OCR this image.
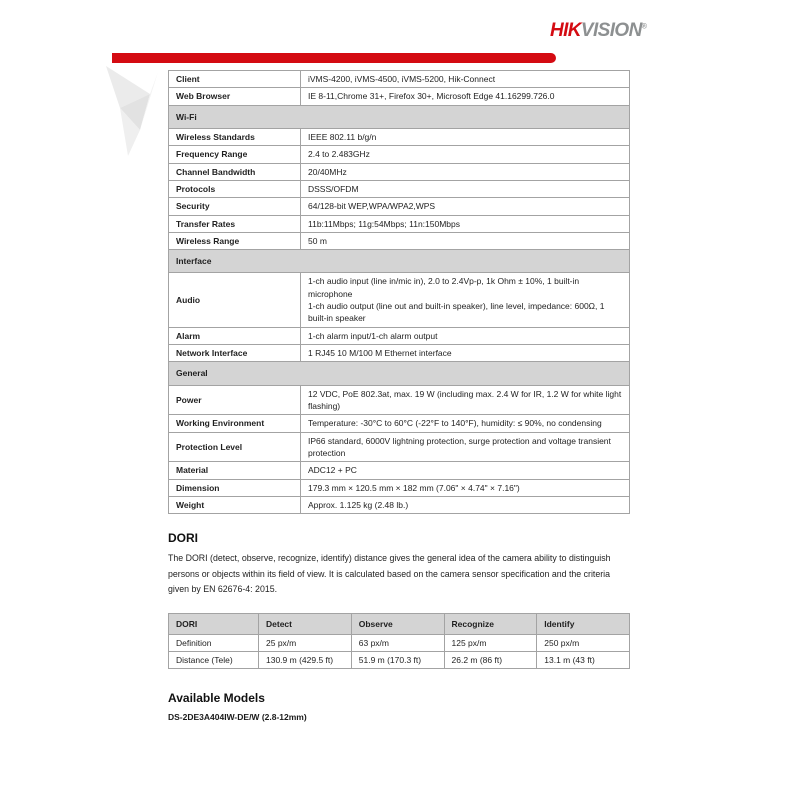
HIKVISION®
Client	iVMS-4200, iVMS-4500, iVMS-5200, Hik-Connect
Web Browser	IE 8-11,Chrome 31+, Firefox 30+, Microsoft Edge 41.16299.726.0
Wi-Fi	
Wireless Standards	IEEE 802.11 b/g/n
Frequency Range	2.4 to 2.483GHz
Channel Bandwidth	20/40MHz
Protocols	DSSS/OFDM
Security	64/128-bit WEP,WPA/WPA2,WPS
Transfer Rates	11b:11Mbps; 11g:54Mbps; 11n:150Mbps
Wireless Range	50 m
Interface	
Audio	1-ch audio input (line in/mic in), 2.0 to 2.4Vp-p, 1k Ohm ± 10%, 1 built-in microphone
1-ch audio output (line out and built-in speaker), line level, impedance: 600Ω, 1 built-in speaker

Alarm	1-ch alarm input/1-ch alarm output
Network Interface	1 RJ45 10 M/100 M Ethernet interface
General	
Power	12 VDC, PoE 802.3at, max. 19 W (including max. 2.4 W for IR, 1.2 W for white light flashing)
Working Environment	Temperature: -30°C to 60°C (-22°F to 140°F), humidity: ≤ 90%, no condensing
Protection Level	IP66 standard, 6000V lightning protection, surge protection and voltage transient protection
Material	ADC12 + PC
Dimension	179.3 mm × 120.5 mm × 182 mm (7.06" × 4.74" × 7.16")
Weight	Approx. 1.125 kg (2.48 lb.)
DORI
The DORI (detect, observe, recognize, identify) distance gives the general idea of the camera ability to distinguish persons or objects within its field of view. It is calculated based on the camera sensor specification and the criteria given by EN 62676-4: 2015.
DORI	Detect	Observe	Recognize	Identify
Definition	25 px/m	63 px/m	125 px/m	250 px/m
Distance (Tele)	130.9 m (429.5 ft)	51.9 m (170.3 ft)	26.2 m (86 ft)	13.1 m (43 ft)
Available Models
DS-2DE3A404IW-DE/W (2.8-12mm)
